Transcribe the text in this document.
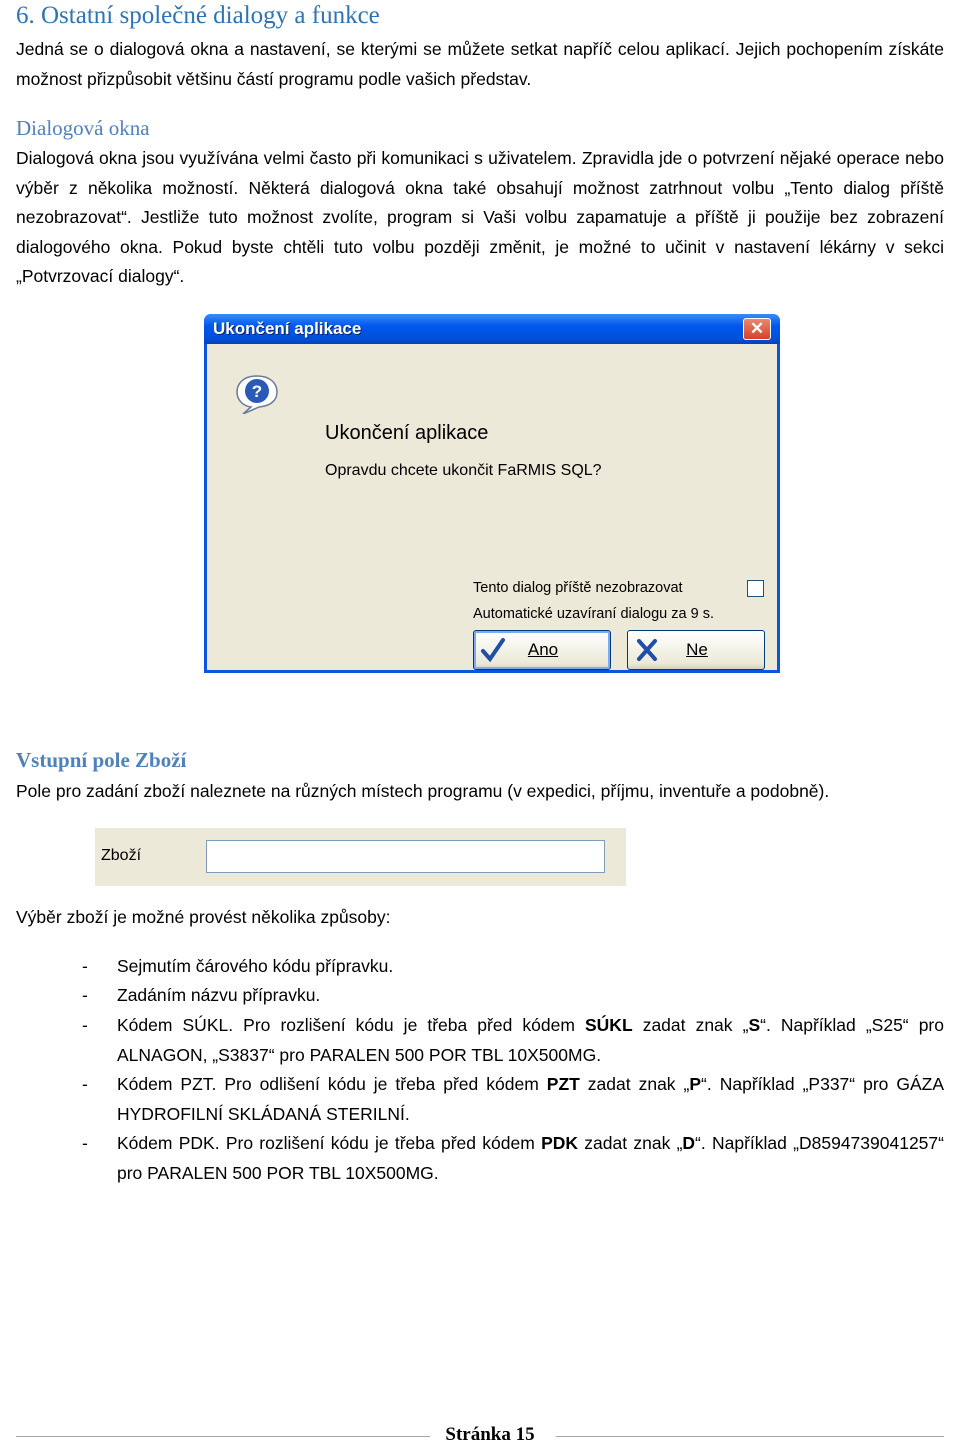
6. Ostatní společné dialogy a funkce
Jedná se o dialogová okna a nastavení, se kterými se můžete setkat napříč celou aplikací. Jejich pochopením získáte možnost přizpůsobit většinu částí programu podle vašich představ.
Dialogová okna
Dialogová okna jsou využívána velmi často při komunikaci s uživatelem. Zpravidla jde o potvrzení nějaké operace nebo výběr z několika možností. Některá dialogová okna také obsahují možnost zatrhnout volbu „Tento dialog příště nezobrazovat“. Jestliže tuto možnost zvolíte, program si Vaši volbu zapamatuje a příště ji použije bez zobrazení dialogového okna. Pokud byste chtěli tuto volbu později změnit, je možné to učinit v nastavení lékárny v sekci „Potvrzovací dialogy“.
Ukončení aplikace	✕
?
Ukončení aplikace
Opravdu chcete ukončit FaRMIS SQL?
Tento dialog příště nezobrazovat
Automatické uzavíraní dialogu za 9 s.
Ano	Ne
Vstupní pole Zboží
Pole pro zadání zboží naleznete na různých místech programu (v expedici, příjmu, inventuře a podobně).
Zboží
Výběr zboží je možné provést několika způsoby:
- Sejmutím čárového kódu přípravku.
- Zadáním názvu přípravku.
- Kódem SÚKL. Pro rozlišení kódu je třeba před kódem SÚKL zadat znak „S“. Například „S25“ pro ALNAGON, „S3837“ pro PARALEN 500 POR TBL 10X500MG.
- Kódem PZT. Pro odlišení kódu je třeba před kódem PZT zadat znak „P“. Například „P337“ pro GÁZA HYDROFILNÍ SKLÁDANÁ STERILNÍ.
- Kódem PDK. Pro rozlišení kódu je třeba před kódem PDK zadat znak „D“. Například „D8594739041257“ pro PARALEN 500 POR TBL 10X500MG.
Stránka 15
